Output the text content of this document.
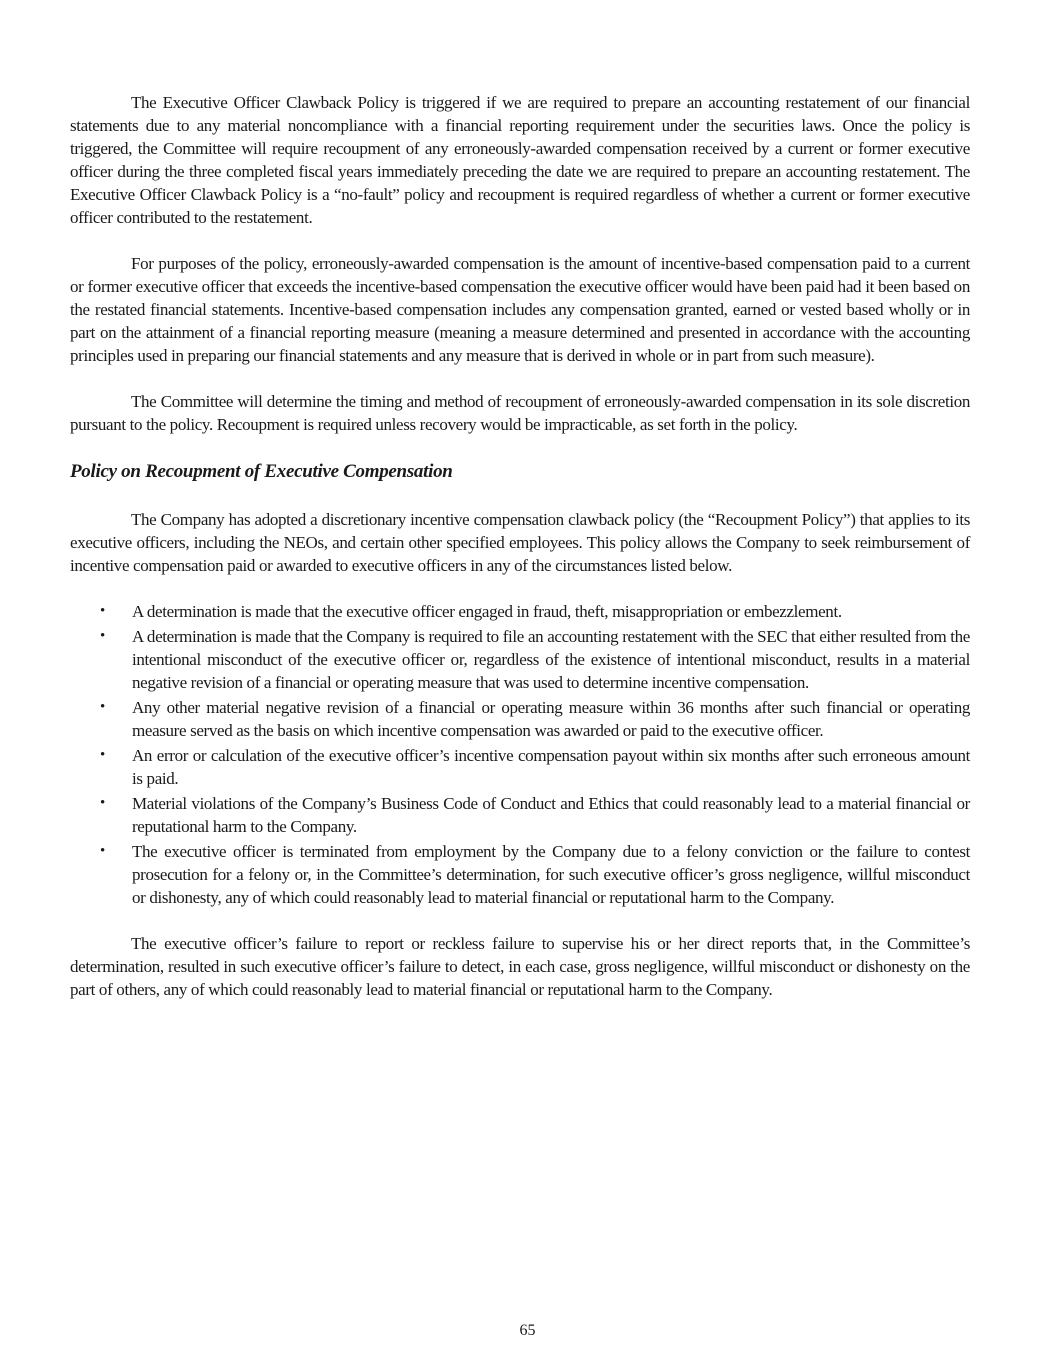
The Executive Officer Clawback Policy is triggered if we are required to prepare an accounting restatement of our financial statements due to any material noncompliance with a financial reporting requirement under the securities laws. Once the policy is triggered, the Committee will require recoupment of any erroneously-awarded compensation received by a current or former executive officer during the three completed fiscal years immediately preceding the date we are required to prepare an accounting restatement. The Executive Officer Clawback Policy is a “no-fault” policy and recoupment is required regardless of whether a current or former executive officer contributed to the restatement.

For purposes of the policy, erroneously-awarded compensation is the amount of incentive-based compensation paid to a current or former executive officer that exceeds the incentive-based compensation the executive officer would have been paid had it been based on the restated financial statements. Incentive-based compensation includes any compensation granted, earned or vested based wholly or in part on the attainment of a financial reporting measure (meaning a measure determined and presented in accordance with the accounting principles used in preparing our financial statements and any measure that is derived in whole or in part from such measure).

The Committee will determine the timing and method of recoupment of erroneously-awarded compensation in its sole discretion pursuant to the policy. Recoupment is required unless recovery would be impracticable, as set forth in the policy.

Policy on Recoupment of Executive Compensation

The Company has adopted a discretionary incentive compensation clawback policy (the “Recoupment Policy”) that applies to its executive officers, including the NEOs, and certain other specified employees. This policy allows the Company to seek reimbursement of incentive compensation paid or awarded to executive officers in any of the circumstances listed below.

•	A determination is made that the executive officer engaged in fraud, theft, misappropriation or embezzlement.
•	A determination is made that the Company is required to file an accounting restatement with the SEC that either resulted from the intentional misconduct of the executive officer or, regardless of the existence of intentional misconduct, results in a material negative revision of a financial or operating measure that was used to determine incentive compensation.
•	Any other material negative revision of a financial or operating measure within 36 months after such financial or operating measure served as the basis on which incentive compensation was awarded or paid to the executive officer.
•	An error or calculation of the executive officer’s incentive compensation payout within six months after such erroneous amount is paid.
•	Material violations of the Company’s Business Code of Conduct and Ethics that could reasonably lead to a material financial or reputational harm to the Company.
•	The executive officer is terminated from employment by the Company due to a felony conviction or the failure to contest prosecution for a felony or, in the Committee’s determination, for such executive officer’s gross negligence, willful misconduct or dishonesty, any of which could reasonably lead to material financial or reputational harm to the Company.

The executive officer’s failure to report or reckless failure to supervise his or her direct reports that, in the Committee’s determination, resulted in such executive officer’s failure to detect, in each case, gross negligence, willful misconduct or dishonesty on the part of others, any of which could reasonably lead to material financial or reputational harm to the Company.

65
